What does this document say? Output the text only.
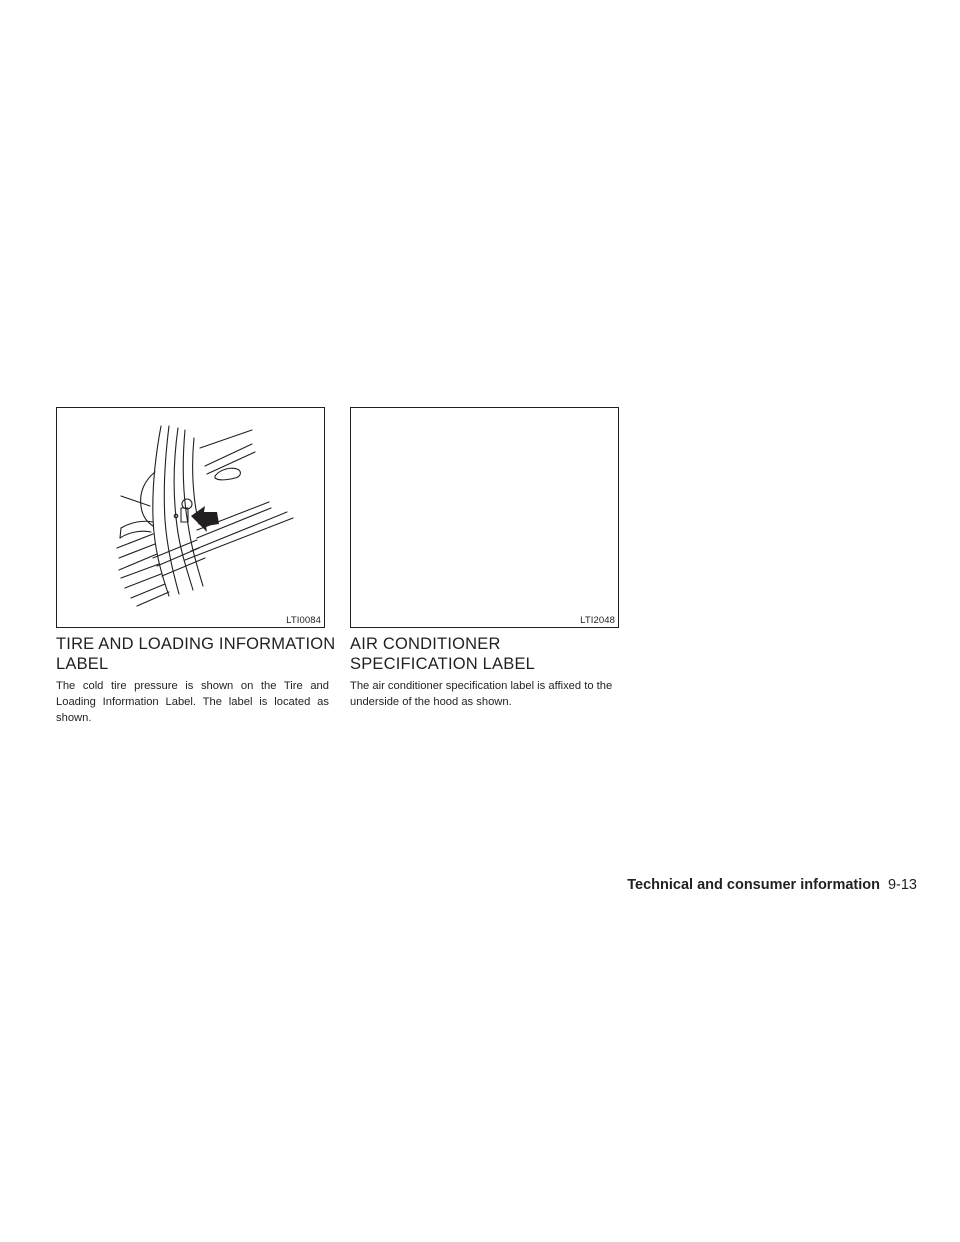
LTI0084	LTI2048
TIRE AND LOADING INFORMATION LABEL

The cold tire pressure is shown on the Tire and Loading Information Label. The label is located as shown.

AIR CONDITIONER SPECIFICATION LABEL

The air conditioner specification label is affixed to the underside of the hood as shown.

Technical and consumer information 9-13
